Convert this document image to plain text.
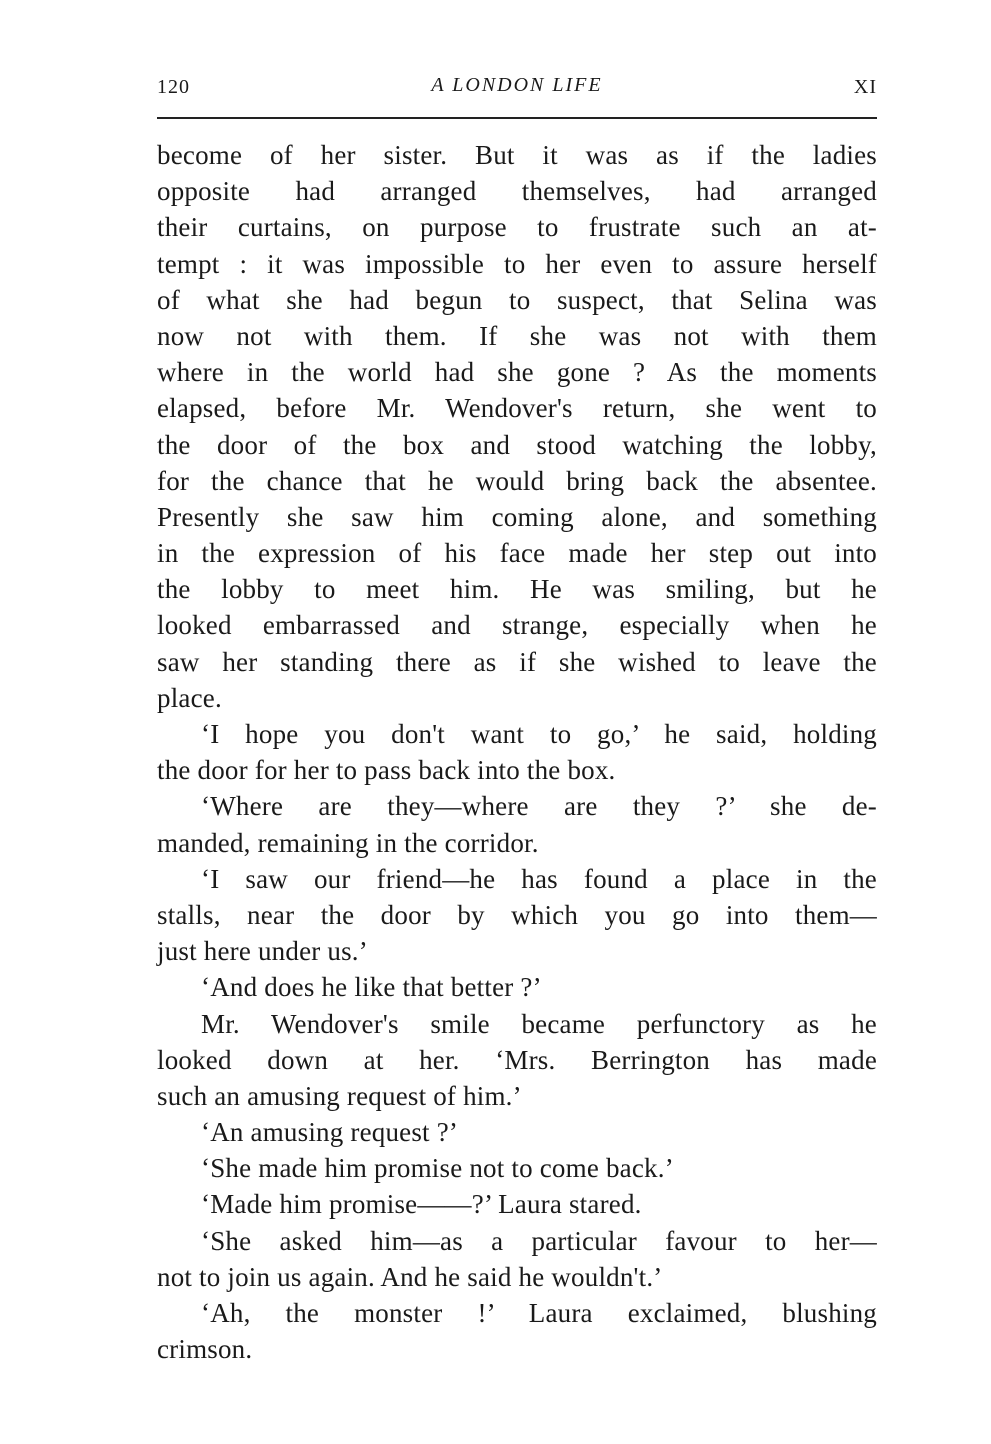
120	A LONDON LIFE	XI
become of her sister. But it was as if the ladies
opposite had arranged themselves, had arranged
their curtains, on purpose to frustrate such an at-
tempt : it was impossible to her even to assure herself
of what she had begun to suspect, that Selina was
now not with them. If she was not with them
where in the world had she gone ? As the moments
elapsed, before Mr. Wendover's return, she went to
the door of the box and stood watching the lobby,
for the chance that he would bring back the absentee.
Presently she saw him coming alone, and something
in the expression of his face made her step out into
the lobby to meet him. He was smiling, but he
looked embarrassed and strange, especially when he
saw her standing there as if she wished to leave the
place.
‘I hope you don't want to go,’ he said, holding
the door for her to pass back into the box.
‘Where are they—where are they ?’ she de-
manded, remaining in the corridor.
‘I saw our friend—he has found a place in the
stalls, near the door by which you go into them—
just here under us.’
‘And does he like that better ?’
Mr. Wendover's smile became perfunctory as he
looked down at her. ‘Mrs. Berrington has made
such an amusing request of him.’
‘An amusing request ?’
‘She made him promise not to come back.’
‘Made him promise——?’ Laura stared.
‘She asked him—as a particular favour to her—
not to join us again. And he said he wouldn't.’
‘Ah, the monster !’ Laura exclaimed, blushing
crimson.
